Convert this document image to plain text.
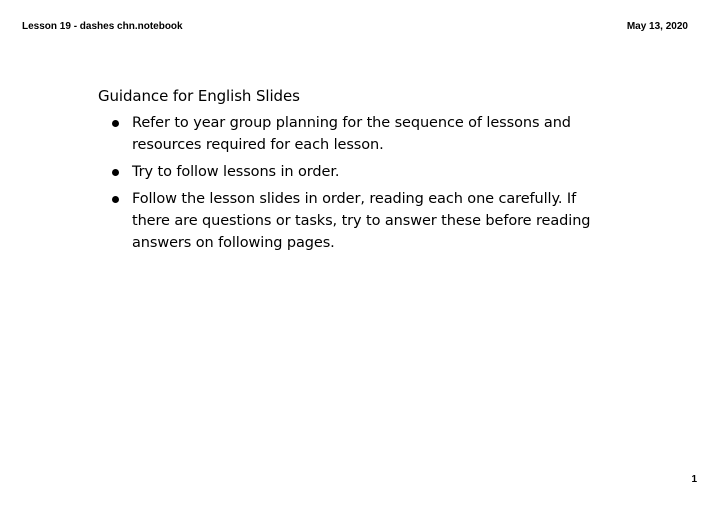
Lesson 19 - dashes chn.notebook	May 13, 2020
Guidance for English Slides
Refer to year group planning for the sequence of lessons and resources required for each lesson.
Try to follow lessons in order.
Follow the lesson slides in order, reading each one carefully. If there are questions or tasks, try to answer these before reading answers on following pages.
1
